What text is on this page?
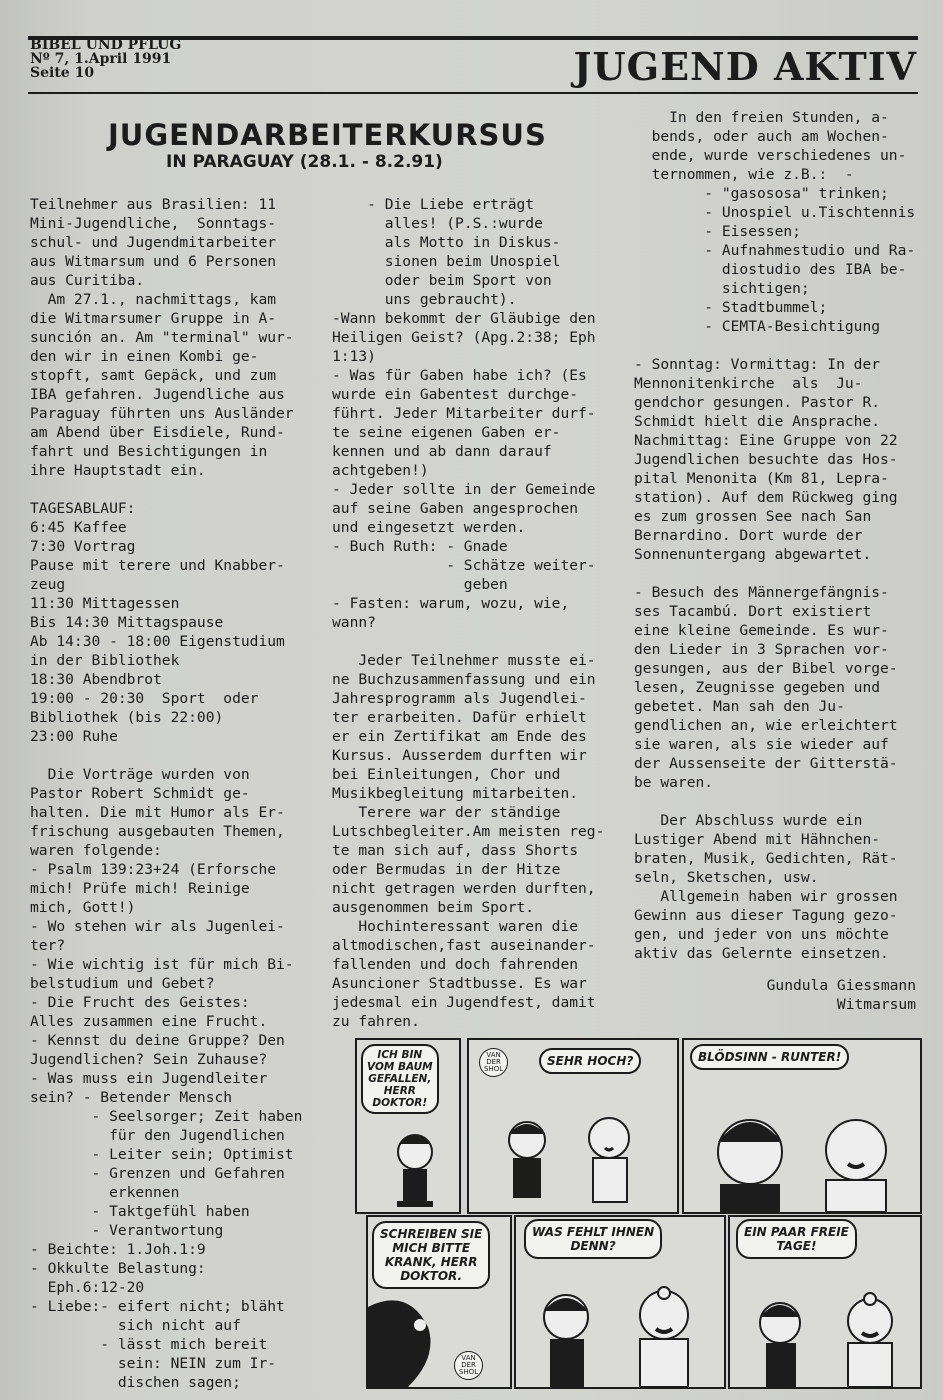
BIBEL UND PFLUG
Nº 7, 1.April 1991
Seite 10	JUGEND AKTIV
JUGENDARBEITERKURSUS
IN PARAGUAY (28.1. - 8.2.91)
Teilnehmer aus Brasilien: 11
Mini-Jugendliche,  Sonntags-
schul- und Jugendmitarbeiter
aus Witmarsum und 6 Personen
aus Curitiba.
Am 27.1., nachmittags, kam
die Witmarsumer Gruppe in A-
sunción an. Am "terminal" wur-
den wir in einen Kombi ge-
stopft, samt Gepäck, und zum
IBA gefahren. Jugendliche aus
Paraguay führten uns Ausländer
am Abend über Eisdiele, Rund-
fahrt und Besichtigungen in
ihre Hauptstadt ein.

TAGESABLAUF:
6:45 Kaffee
7:30 Vortrag
Pause mit terere und Knabber-
zeug
11:30 Mittagessen
Bis 14:30 Mittagspause
Ab 14:30 - 18:00 Eigenstudium
in der Bibliothek
18:30 Abendbrot
19:00 - 20:30  Sport  oder
Bibliothek (bis 22:00)
23:00 Ruhe

Die Vorträge wurden von
Pastor Robert Schmidt ge-
halten. Die mit Humor als Er-
frischung ausgebauten Themen,
waren folgende:
- Psalm 139:23+24 (Erforsche
mich! Prüfe mich! Reinige
mich, Gott!)
- Wo stehen wir als Jugenlei-
ter?
- Wie wichtig ist für mich Bi-
belstudium und Gebet?
- Die Frucht des Geistes:
Alles zusammen eine Frucht.
- Kennst du deine Gruppe? Den
Jugendlichen? Sein Zuhause?
- Was muss ein Jugendleiter
sein? - Betender Mensch
- Seelsorger; Zeit haben
für den Jugendlichen
- Leiter sein; Optimist
- Grenzen und Gefahren
erkennen
- Taktgefühl haben
- Verantwortung
- Beichte: 1.Joh.1:9
- Okkulte Belastung:
Eph.6:12-20
- Liebe:- eifert nicht; bläht
sich nicht auf
- lässt mich bereit
sein: NEIN zum Ir-
dischen sagen;
- Die Liebe erträgt
alles! (P.S.:wurde
als Motto in Diskus-
sionen beim Unospiel
oder beim Sport von
uns gebraucht).
-Wann bekommt der Gläubige den
Heiligen Geist? (Apg.2:38; Eph
1:13)
- Was für Gaben habe ich? (Es
wurde ein Gabentest durchge-
führt. Jeder Mitarbeiter durf-
te seine eigenen Gaben er-
kennen und ab dann darauf
achtgeben!)
- Jeder sollte in der Gemeinde
auf seine Gaben angesprochen
und eingesetzt werden.
- Buch Ruth: - Gnade
- Schätze weiter-
geben
- Fasten: warum, wozu, wie,
wann?

Jeder Teilnehmer musste ei-
ne Buchzusammenfassung und ein
Jahresprogramm als Jugendlei-
ter erarbeiten. Dafür erhielt
er ein Zertifikat am Ende des
Kursus. Ausserdem durften wir
bei Einleitungen, Chor und
Musikbegleitung mitarbeiten.
Terere war der ständige
Lutschbegleiter.Am meisten reg-
te man sich auf, dass Shorts
oder Bermudas in der Hitze
nicht getragen werden durften,
ausgenommen beim Sport.
Hochinteressant waren die
altmodischen,fast auseinander-
fallenden und doch fahrenden
Asuncioner Stadtbusse. Es war
jedesmal ein Jugendfest, damit
zu fahren.
In den freien Stunden, a-
bends, oder auch am Wochen-
ende, wurde verschiedenes un-
ternommen, wie z.B.:  -
- "gasososa" trinken;
- Unospiel u.Tischtennis
- Eisessen;
- Aufnahmestudio und Ra-
diostudio des IBA be-
sichtigen;
- Stadtbummel;
- CEMTA-Besichtigung

- Sonntag: Vormittag: In der
Mennonitenkirche  als  Ju-
gendchor gesungen. Pastor R.
Schmidt hielt die Ansprache.
Nachmittag: Eine Gruppe von 22
Jugendlichen besuchte das Hos-
pital Menonita (Km 81, Lepra-
station). Auf dem Rückweg ging
es zum grossen See nach San
Bernardino. Dort wurde der
Sonnenuntergang abgewartet.

- Besuch des Männergefängnis-
ses Tacambú. Dort existiert
eine kleine Gemeinde. Es wur-
den Lieder in 3 Sprachen vor-
gesungen, aus der Bibel vorge-
lesen, Zeugnisse gegeben und
gebetet. Man sah den Ju-
gendlichen an, wie erleichtert
sie waren, als sie wieder auf
der Aussenseite der Gitterstä-
be waren.

Der Abschluss wurde ein
Lustiger Abend mit Hähnchen-
braten, Musik, Gedichten, Rät-
seln, Sketschen, usw.
Allgemein haben wir grossen
Gewinn aus dieser Tagung gezo-
gen, und jeder von uns möchte
aktiv das Gelernte einsetzen.
Gundula Giessmann
Witmarsum
ICH BIN
VOM BAUM
GEFALLEN,
HERR
DOKTOR!
VAN
DER
SHOL
SEHR HOCH?	BLÖDSINN - RUNTER!
SCHREIBEN SIE
MICH BITTE
KRANK, HERR
DOKTOR.
VAN
DER
SHOL
WAS FEHLT IHNEN
DENN?
EIN PAAR FREIE
TAGE!
